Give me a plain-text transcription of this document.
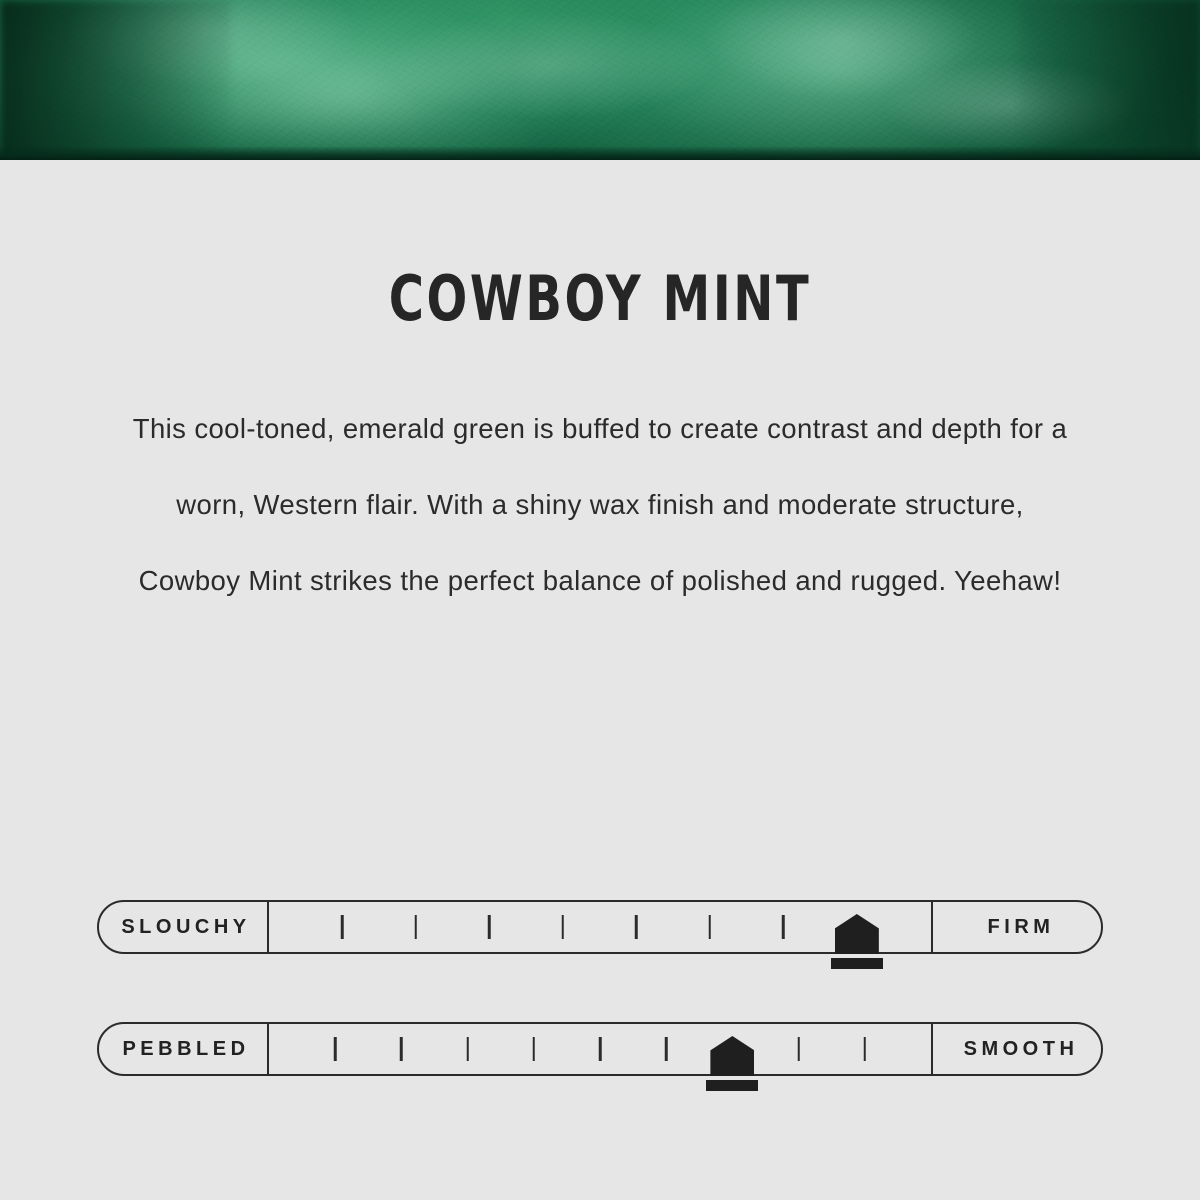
COWBOY MINT

This cool-toned, emerald green is buffed to create contrast and depth for a worn, Western flair. With a shiny wax finish and moderate structure, Cowboy Mint strikes the perfect balance of polished and rugged. Yeehaw!

SLOUCHY	FIRM
PEBBLED	SMOOTH
